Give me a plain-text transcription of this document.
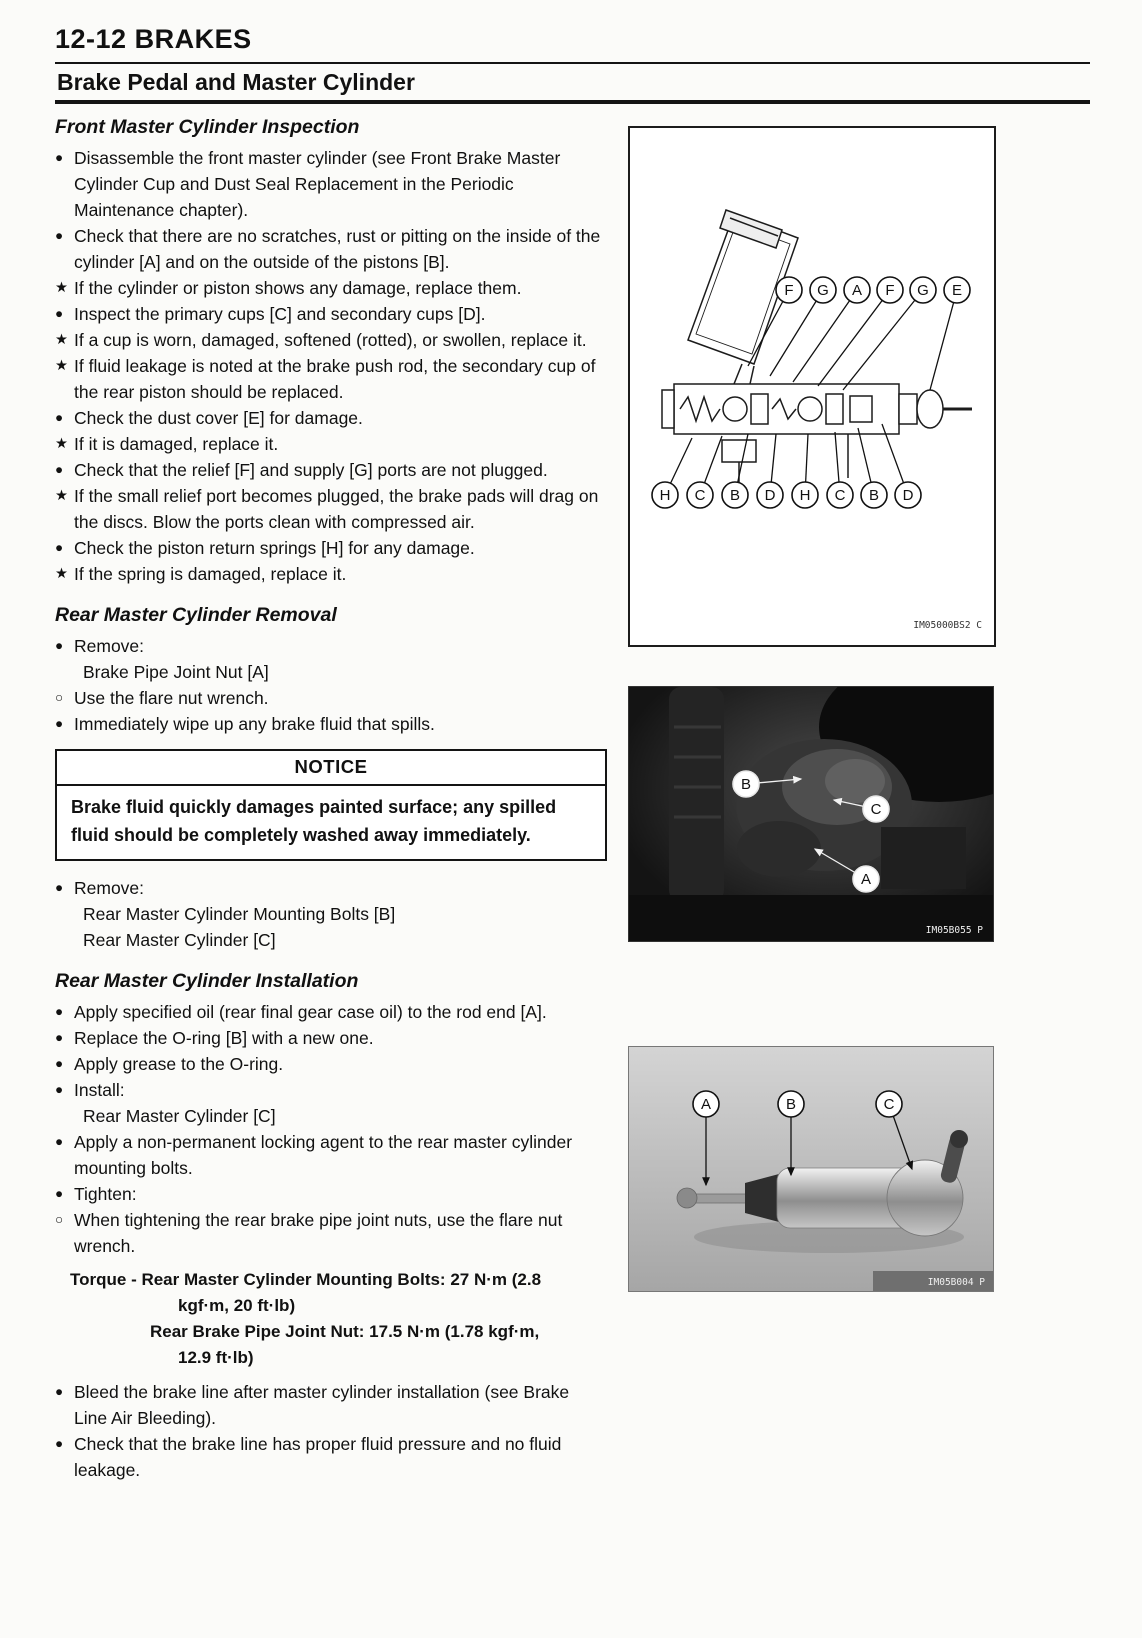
12-12 BRAKES
Brake Pedal and Master Cylinder
Front Master Cylinder Inspection
● Disassemble the front master cylinder (see Front Brake Master Cylinder Cup and Dust Seal Replacement in the Periodic Maintenance chapter).
● Check that there are no scratches, rust or pitting on the inside of the cylinder [A] and on the outside of the pistons [B].
★ If the cylinder or piston shows any damage, replace them.
● Inspect the primary cups [C] and secondary cups [D].
★ If a cup is worn, damaged, softened (rotted), or swollen, replace it.
★ If fluid leakage is noted at the brake push rod, the secondary cup of the rear piston should be replaced.
● Check the dust cover [E] for damage.
★ If it is damaged, replace it.
● Check that the relief [F] and supply [G] ports are not plugged.
★ If the small relief port becomes plugged, the brake pads will drag on the discs. Blow the ports clean with compressed air.
● Check the piston return springs [H] for any damage.
★ If the spring is damaged, replace it.
Rear Master Cylinder Removal
● Remove:
Brake Pipe Joint Nut [A]
○ Use the flare nut wrench.
● Immediately wipe up any brake fluid that spills.
NOTICE
Brake fluid quickly damages painted surface; any spilled fluid should be completely washed away immediately.
● Remove:
Rear Master Cylinder Mounting Bolts [B]
Rear Master Cylinder [C]
Rear Master Cylinder Installation
● Apply specified oil (rear final gear case oil) to the rod end [A].
● Replace the O-ring [B] with a new one.
● Apply grease to the O-ring.
● Install:
Rear Master Cylinder [C]
● Apply a non-permanent locking agent to the rear master cylinder mounting bolts.
● Tighten:
○ When tightening the rear brake pipe joint nuts, use the flare nut wrench.
Torque - Rear Master Cylinder Mounting Bolts: 27 N·m (2.8
kgf·m, 20 ft·lb)
Rear Brake Pipe Joint Nut: 17.5 N·m (1.78 kgf·m,
12.9 ft·lb)
● Bleed the brake line after master cylinder installation (see Brake Line Air Bleeding).
● Check that the brake line has proper fluid pressure and no fluid leakage.
F G A F G E
H C B D H C B D
IM05000BS2 C
B
C
A
IM05B055 P
A	B	C
IM05B004 P
